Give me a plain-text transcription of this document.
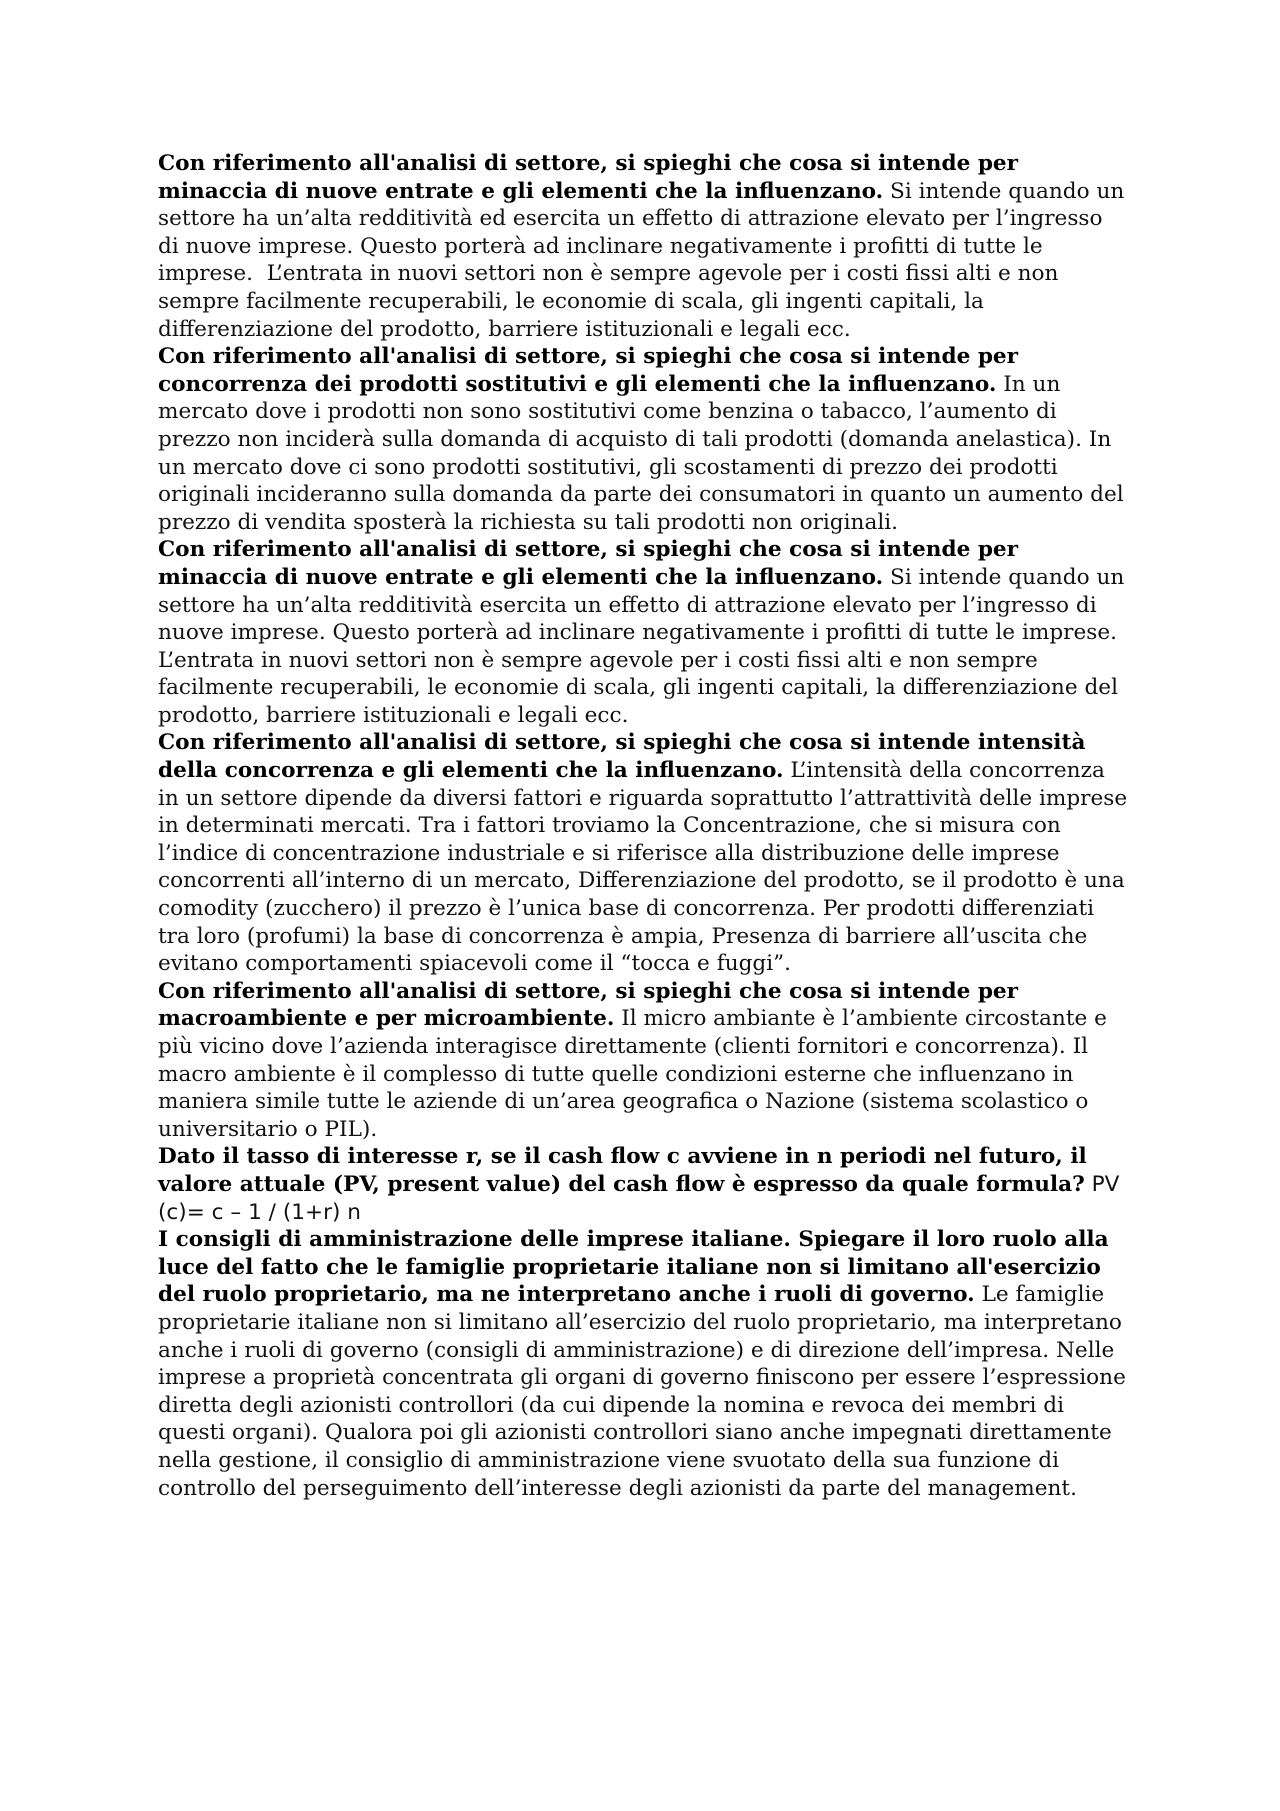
Con riferimento all'analisi di settore, si spieghi che cosa si intende per minaccia di nuove entrate e gli elementi che la influenzano. Si intende quando un settore ha un’alta redditività ed esercita un effetto di attrazione elevato per l’ingresso di nuove imprese. Questo porterà ad inclinare negativamente i profitti di tutte le imprese.  L’entrata in nuovi settori non è sempre agevole per i costi fissi alti e non sempre facilmente recuperabili, le economie di scala, gli ingenti capitali, la   differenziazione del prodotto, barriere istituzionali e legali ecc.

Con riferimento all'analisi di settore, si spieghi che cosa si intende per concorrenza dei prodotti sostitutivi e gli elementi che la influenzano. In un mercato dove i prodotti non sono sostitutivi come benzina o tabacco, l’aumento di prezzo non inciderà sulla domanda di acquisto di tali prodotti (domanda anelastica). In un mercato dove ci sono prodotti sostitutivi, gli scostamenti di prezzo dei prodotti originali incideranno sulla domanda da parte dei consumatori in quanto un aumento del prezzo di vendita sposterà la richiesta su tali prodotti non originali.

Con riferimento all'analisi di settore, si spieghi che cosa si intende per minaccia di nuove entrate e gli elementi che la influenzano. Si intende quando un settore ha un’alta redditività esercita un effetto di attrazione elevato per l’ingresso di nuove imprese. Questo porterà ad inclinare negativamente i profitti di tutte le imprese. L’entrata in nuovi settori non è sempre agevole per i costi fissi alti e non sempre facilmente recuperabili, le economie di scala, gli ingenti capitali, la differenziazione del prodotto, barriere istituzionali e legali ecc.

Con riferimento all'analisi di settore, si spieghi che cosa si intende intensità della concorrenza e gli elementi che la influenzano. L’intensità della concorrenza in un settore dipende da diversi fattori e riguarda soprattutto l’attrattività delle imprese in determinati mercati. Tra i fattori troviamo la Concentrazione, che si misura con l’indice di concentrazione industriale e si riferisce alla distribuzione delle imprese concorrenti all’interno di un mercato, Differenziazione del prodotto, se il prodotto è una comodity (zucchero) il prezzo è l’unica base di concorrenza. Per prodotti differenziati tra loro (profumi) la base di concorrenza è ampia, Presenza di barriere all’uscita che evitano comportamenti spiacevoli come il “tocca e fuggi”.

Con riferimento all'analisi di settore, si spieghi che cosa si intende per macroambiente e per microambiente. Il micro ambiante è l’ambiente circostante e più vicino dove l’azienda interagisce direttamente (clienti fornitori e concorrenza). Il macro ambiente è il complesso di tutte quelle condizioni esterne che influenzano in maniera simile tutte le aziende di un’area geografica o Nazione (sistema scolastico o universitario o PIL).

Dato il tasso di interesse r, se il cash flow c avviene in n periodi nel futuro, il valore attuale (PV, present value) del cash flow è espresso da quale formula? PV (c)= c – 1 / (1+r) n

I consigli di amministrazione delle imprese italiane. Spiegare il loro ruolo alla luce del fatto che le famiglie proprietarie italiane non si limitano all'esercizio del ruolo proprietario, ma ne interpretano anche i ruoli di governo. Le famiglie proprietarie italiane non si limitano all’esercizio del ruolo proprietario, ma interpretano anche i ruoli di governo (consigli di amministrazione) e di direzione dell’impresa. Nelle imprese a proprietà concentrata gli organi di governo finiscono per essere l’espressione diretta degli azionisti controllori (da cui dipende la nomina e revoca dei membri di questi organi). Qualora poi gli azionisti controllori siano anche impegnati direttamente nella gestione, il consiglio di amministrazione viene svuotato della sua funzione di controllo del perseguimento dell’interesse degli azionisti da parte del management.
